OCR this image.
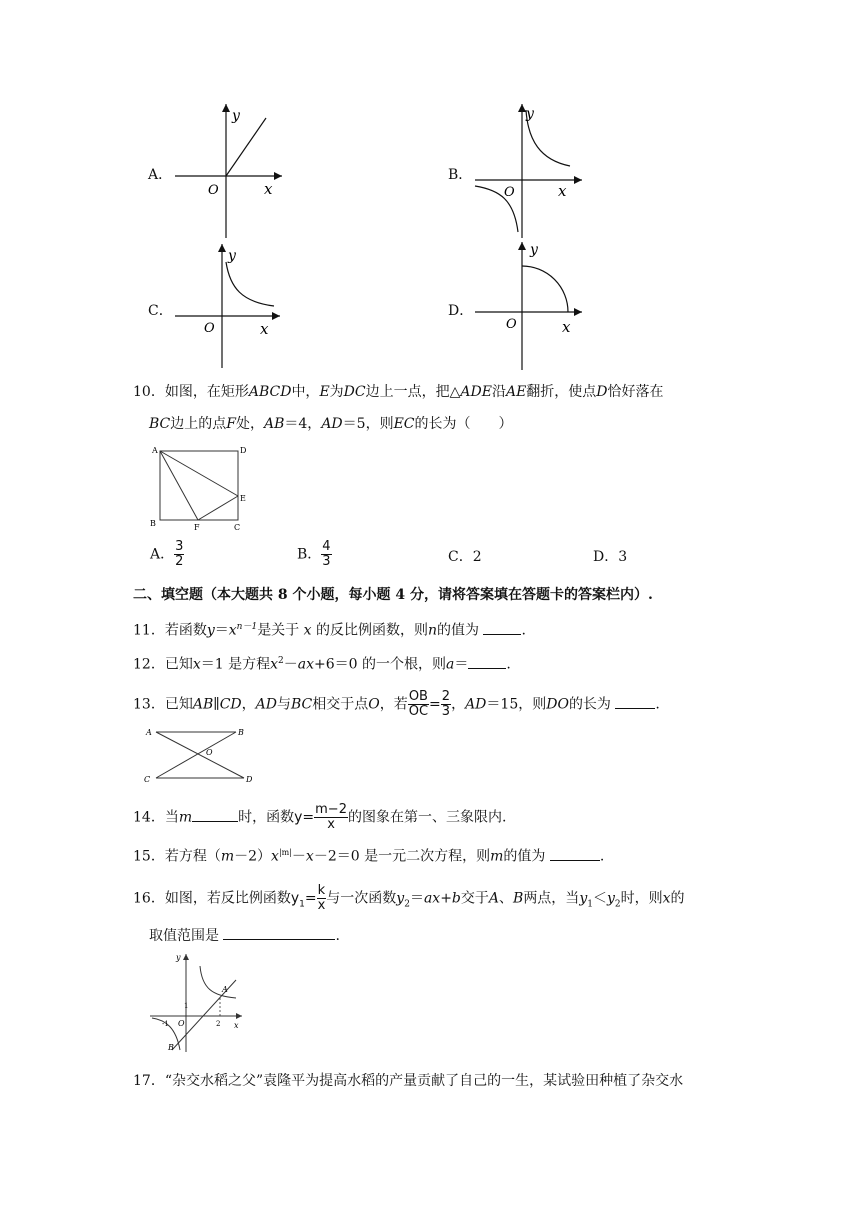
A．
y
x
O
B．
y
x
O
C．
y
x
O
D．
y
x
O
10．如图，在矩形ABCD中，E为DC边上一点，把△ADE沿AE翻折，使点D恰好落在
BC边上的点F处，AB＝4，AD＝5，则EC的长为（　　）
A	D
B
E
F	C
A． $\frac{3}{2}$	B． $\frac{4}{3}$	C．2	D．3
二、填空题（本大题共 8 个小题，每小题 4 分，请将答案填在答题卡的答案栏内）.
11．若函数$y=x^{n-1}$是关于 x 的反比例函数，则n的值为	.
12．已知x＝1 是方程$x^2-ax+6=0$ 的一个根，则a＝	.
13．已知AB∥CD，AD与BC相交于点O，若 $\frac{OB}{OC} = \frac{2}{3}$ ，AD＝15，则DO的长为	.
A	B
C	D
O
14．当m	时，函数$y= \frac{m-2}{x}$ 的图象在第一、三象限内.
15．若方程$(m-2)x^{|m|}-x-2=0$ 是一元二次方程，则m的值为	.
16．如图，若反比例函数$y_1= \frac{k}{x}$ 与一次函数$y_2=ax+b$交于A、B两点，当$y_1<y_2$时，则x的
取值范围是	.
y
x
A
B
O	2
1
-1
17．“杂交水稻之父”袁隆平为提高水稻的产量贡献了自己的一生，某试验田种植了杂交水
